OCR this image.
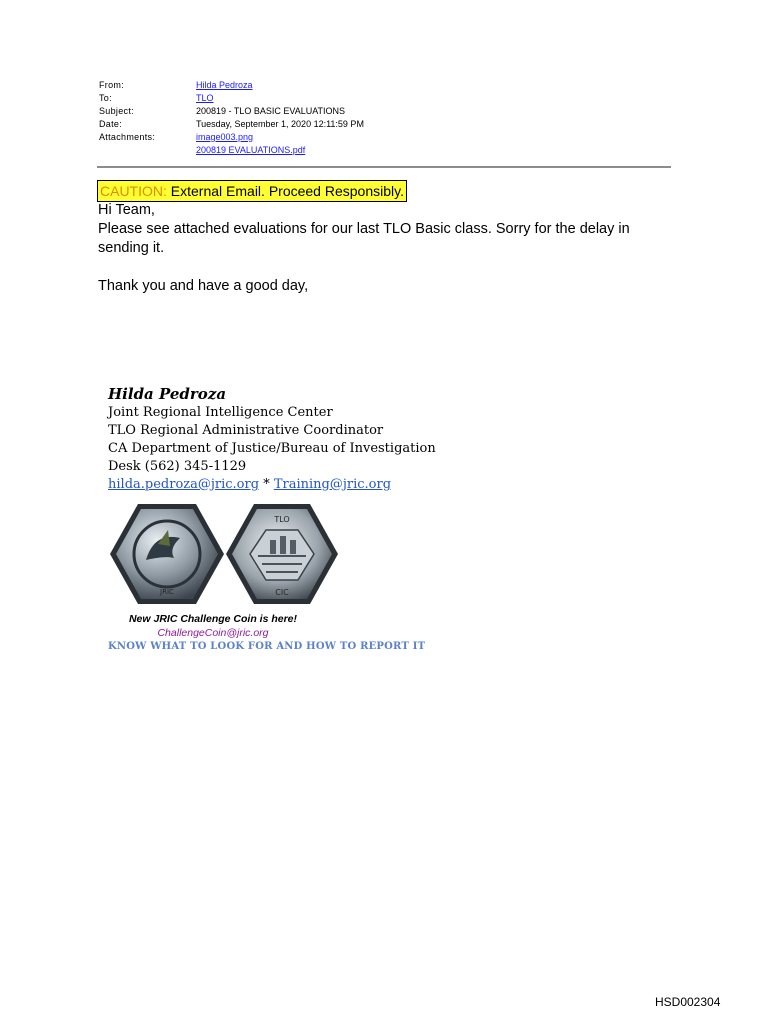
From:	Hilda Pedroza
To:	TLO
Subject:	200819 - TLO BASIC EVALUATIONS
Date:	Tuesday, September 1, 2020 12:11:59 PM
Attachments:	image003.png
200819 EVALUATIONS.pdf
CAUTION: External Email. Proceed Responsibly.

Hi Team,

Please see attached evaluations for our last TLO Basic class. Sorry for the delay in sending it.

Thank you and have a good day,

Hilda Pedroza
Joint Regional Intelligence Center
TLO Regional Administrative Coordinator
CA Department of Justice/Bureau of Investigation
Desk (562) 345-1129
hilda.pedroza@jric.org * Training@jric.org
JRIC
TLO
CIC
New JRIC Challenge Coin is here!
ChallengeCoin@jric.org
KNOW WHAT TO LOOK FOR AND HOW TO REPORT IT
HSD002304
